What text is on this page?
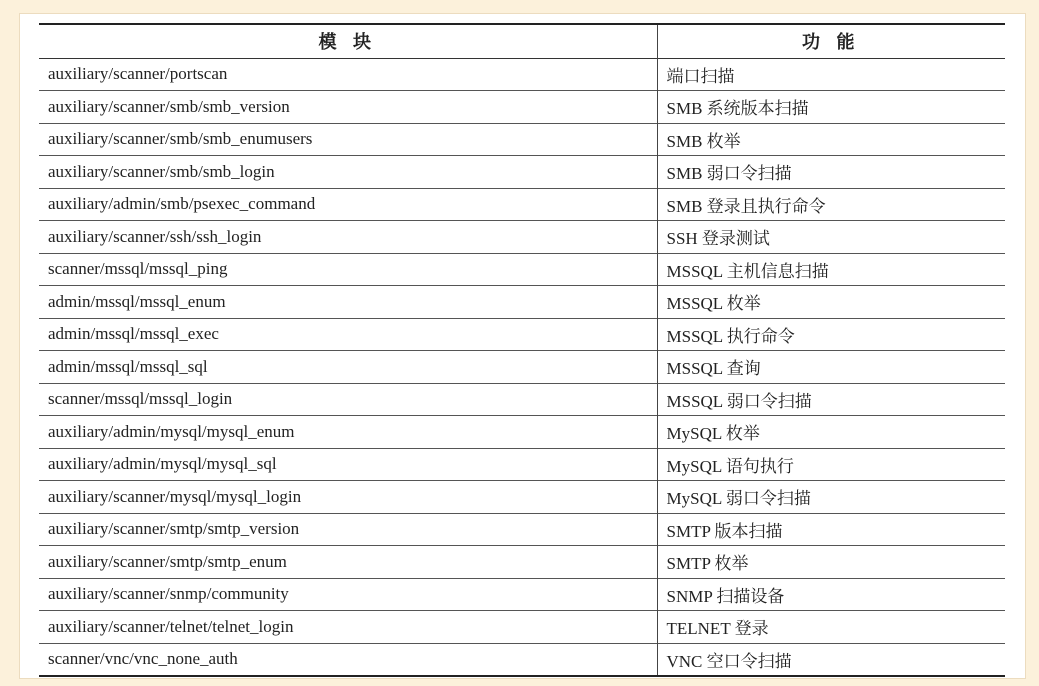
模 块	功 能
auxiliary/scanner/portscan	端口扫描
auxiliary/scanner/smb/smb_version	SMB 系统版本扫描
auxiliary/scanner/smb/smb_enumusers	SMB 枚举
auxiliary/scanner/smb/smb_login	SMB 弱口令扫描
auxiliary/admin/smb/psexec_command	SMB 登录且执行命令
auxiliary/scanner/ssh/ssh_login	SSH 登录测试
scanner/mssql/mssql_ping	MSSQL 主机信息扫描
admin/mssql/mssql_enum	MSSQL 枚举
admin/mssql/mssql_exec	MSSQL 执行命令
admin/mssql/mssql_sql	MSSQL 查询
scanner/mssql/mssql_login	MSSQL 弱口令扫描
auxiliary/admin/mysql/mysql_enum	MySQL 枚举
auxiliary/admin/mysql/mysql_sql	MySQL 语句执行
auxiliary/scanner/mysql/mysql_login	MySQL 弱口令扫描
auxiliary/scanner/smtp/smtp_version	SMTP 版本扫描
auxiliary/scanner/smtp/smtp_enum	SMTP 枚举
auxiliary/scanner/snmp/community	SNMP 扫描设备
auxiliary/scanner/telnet/telnet_login	TELNET 登录
scanner/vnc/vnc_none_auth	VNC 空口令扫描
